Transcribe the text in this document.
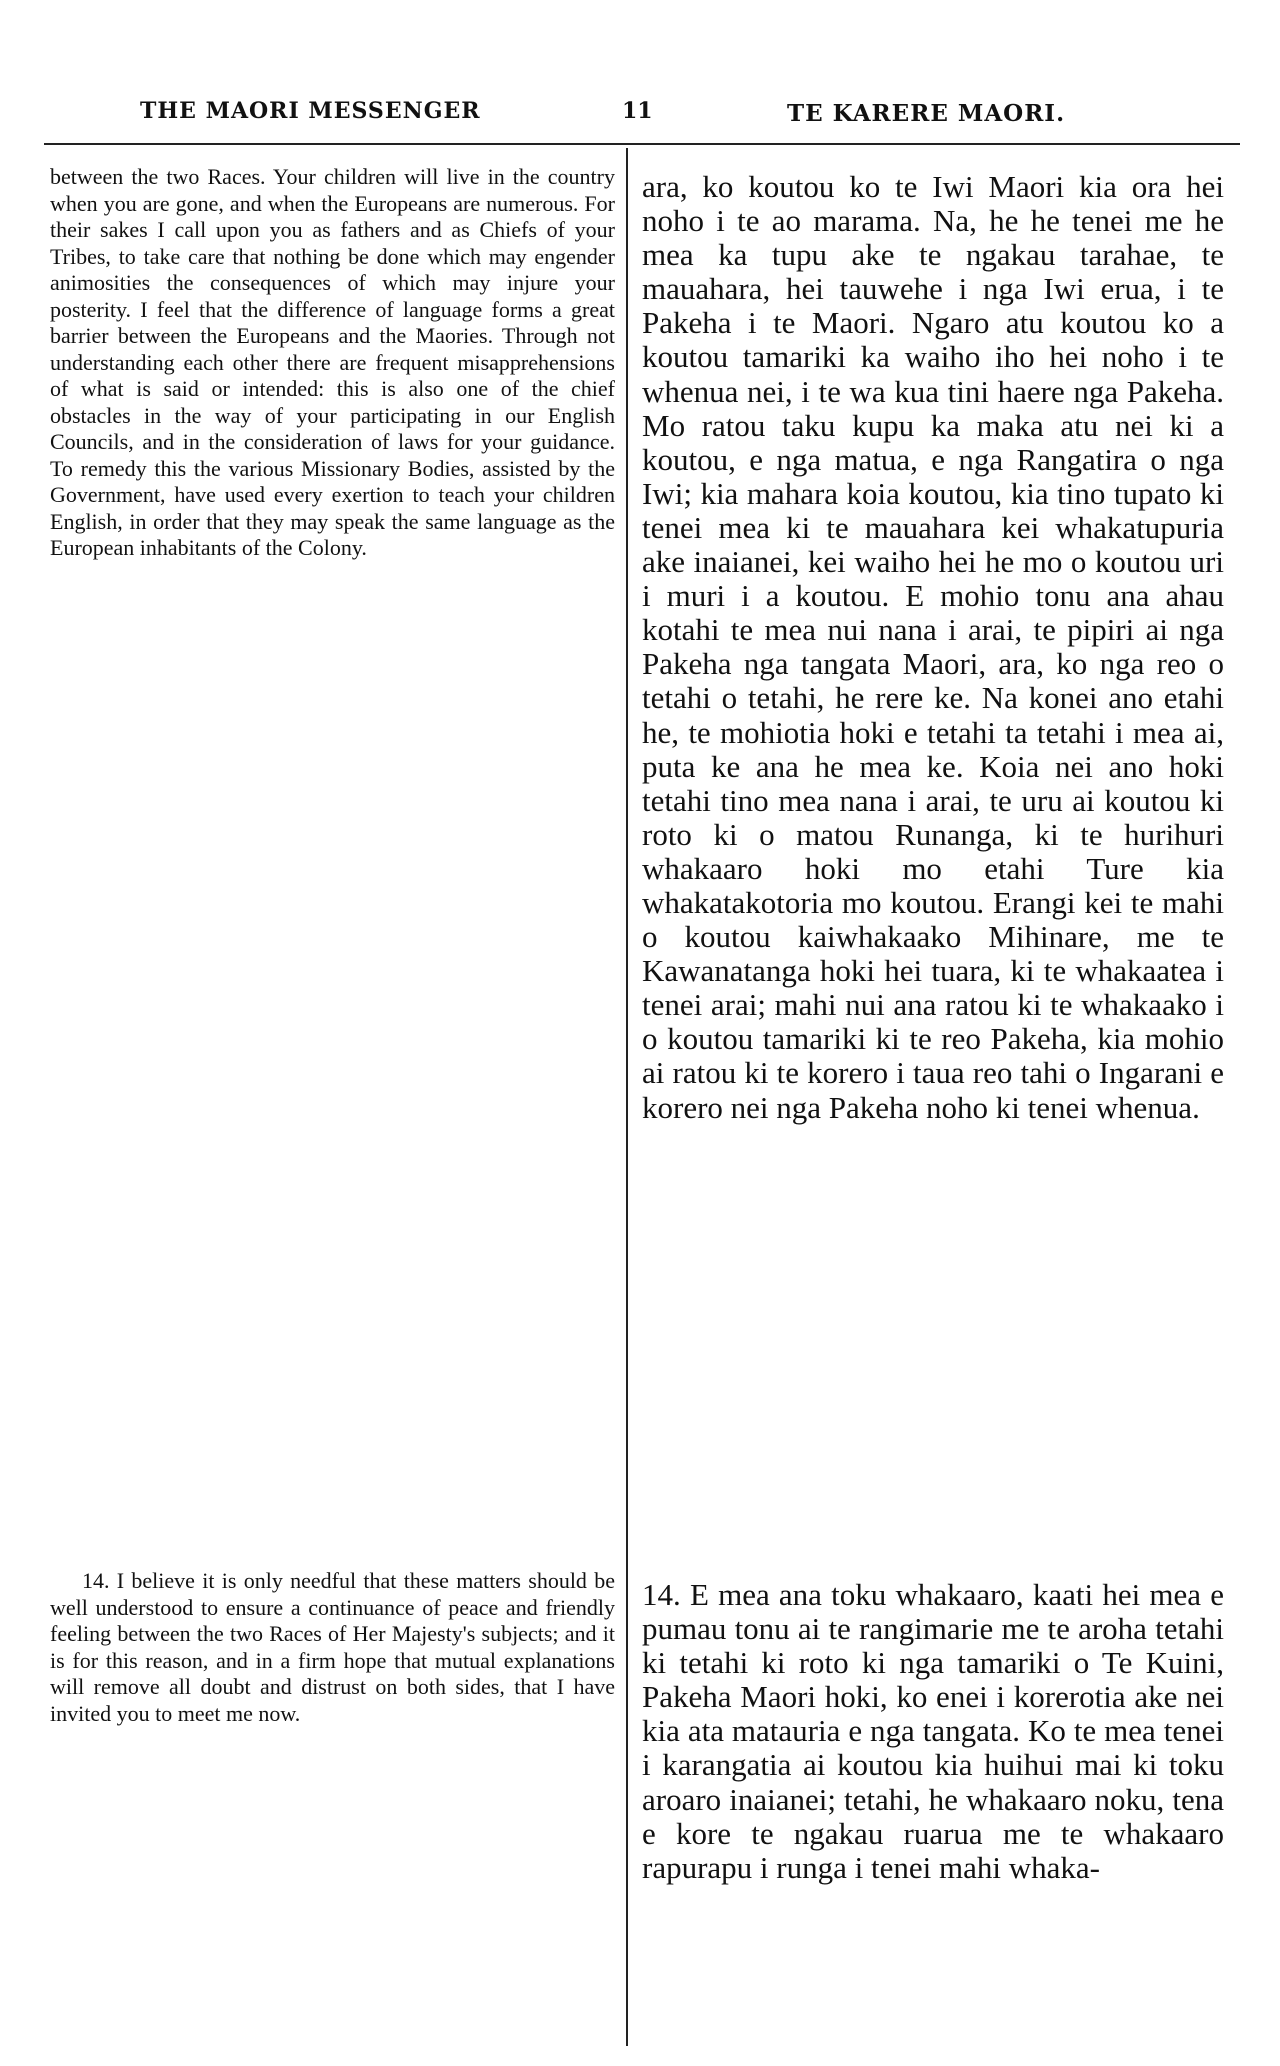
THE MAORI MESSENGER	11	TE KARERE MAORI.

between the two Races. Your children will live in the country when you are gone, and when the Europeans are numerous. For their sakes I call upon you as fathers and as Chiefs of your Tribes, to take care that nothing be done which may engender animosities the consequences of which may injure your posterity. I feel that the difference of language forms a great barrier between the Europeans and the Maories. Through not understanding each other there are frequent misapprehensions of what is said or intended: this is also one of the chief obstacles in the way of your participating in our English Councils, and in the consideration of laws for your guidance. To remedy this the various Missionary Bodies, assisted by the Government, have used every exertion to teach your children English, in order that they may speak the same language as the European inhabitants of the Colony.

14. I believe it is only needful that these matters should be well understood to ensure a continuance of peace and friendly feeling between the two Races of Her Majesty's subjects; and it is for this reason, and in a firm hope that mutual explanations will remove all doubt and distrust on both sides, that I have invited you to meet me now.

ara, ko koutou ko te Iwi Maori kia ora hei noho i te ao marama. Na, he he tenei me he mea ka tupu ake te ngakau tarahae, te mauahara, hei tauwehe i nga Iwi erua, i te Pakeha i te Maori. Ngaro atu koutou ko a koutou tamariki ka waiho iho hei noho i te whenua nei, i te wa kua tini haere nga Pakeha. Mo ratou taku kupu ka maka atu nei ki a koutou, e nga matua, e nga Rangatira o nga Iwi; kia mahara koia koutou, kia tino tupato ki tenei mea ki te mauahara kei whakatupuria ake inaianei, kei waiho hei he mo o koutou uri i muri i a koutou. E mohio tonu ana ahau kotahi te mea nui nana i arai, te pipiri ai nga Pakeha nga tangata Maori, ara, ko nga reo o tetahi o tetahi, he rere ke. Na konei ano etahi he, te mohiotia hoki e tetahi ta tetahi i mea ai, puta ke ana he mea ke. Koia nei ano hoki tetahi tino mea nana i arai, te uru ai koutou ki roto ki o matou Runanga, ki te hurihuri whakaaro hoki mo etahi Ture kia whakatakotoria mo koutou. Erangi kei te mahi o koutou kaiwhakaako Mihinare, me te Kawanatanga hoki hei tuara, ki te whakaatea i tenei arai; mahi nui ana ratou ki te whakaako i o koutou tamariki ki te reo Pakeha, kia mohio ai ratou ki te korero i taua reo tahi o Ingarani e korero nei nga Pakeha noho ki tenei whenua.

14. E mea ana toku whakaaro, kaati hei mea e pumau tonu ai te rangimarie me te aroha tetahi ki tetahi ki roto ki nga tamariki o Te Kuini, Pakeha Maori hoki, ko enei i korerotia ake nei kia ata matauria e nga tangata. Ko te mea tenei i karangatia ai koutou kia huihui mai ki toku aroaro inaianei; tetahi, he whakaaro noku, tena e kore te ngakau ruarua me te whakaaro rapurapu i runga i tenei mahi whaka-
